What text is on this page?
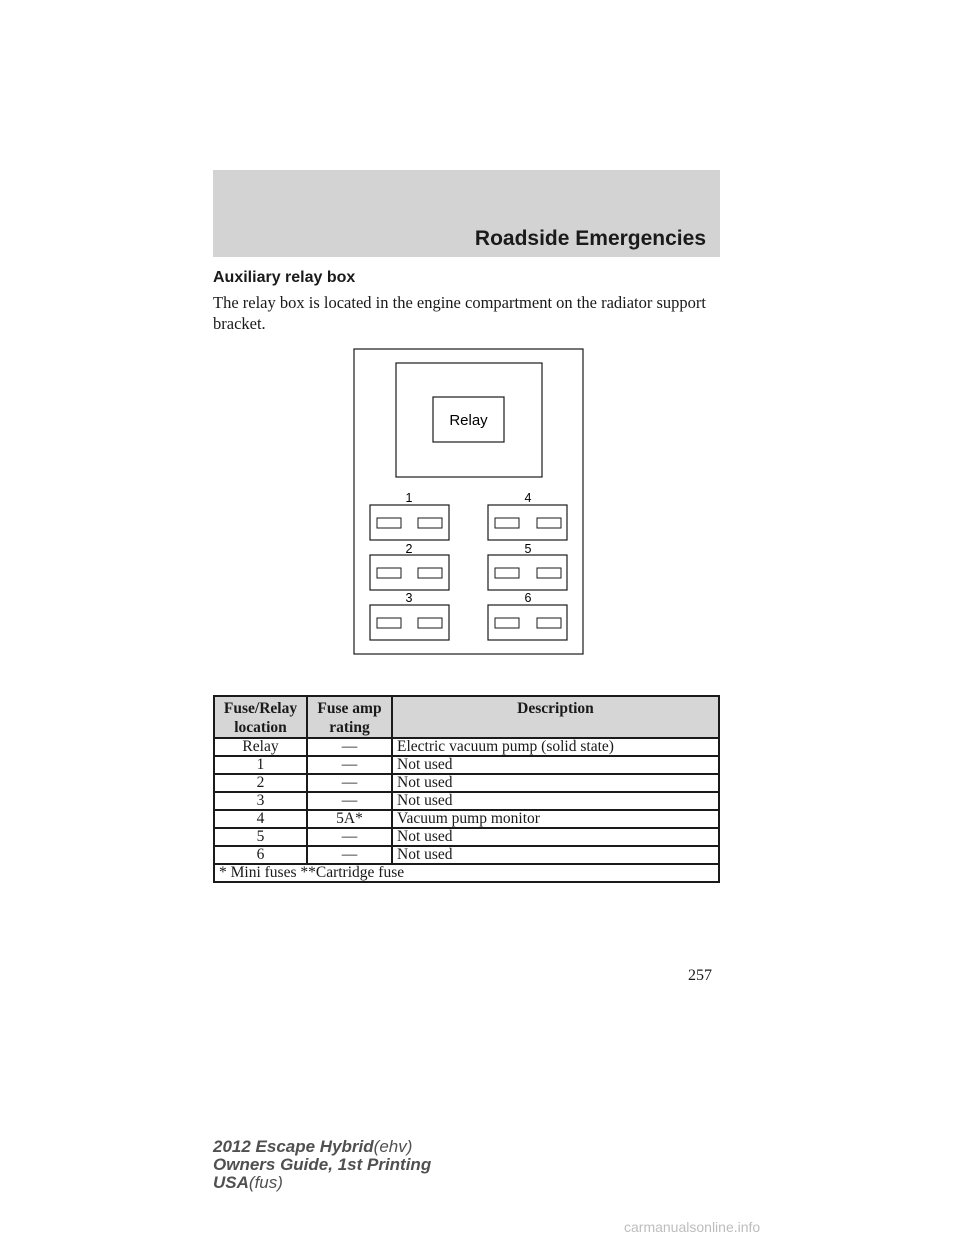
Roadside Emergencies
Auxiliary relay box
The relay box is located in the engine compartment on the radiator support bracket.
Relay
1
2
3
4
5
6
Fuse/Relay location	Fuse amp rating	Description
Relay	—	Electric vacuum pump (solid state)
1	—	Not used
2	—	Not used
3	—	Not used
4	5A*	Vacuum pump monitor
5	—	Not used
6	—	Not used
* Mini fuses **Cartridge fuse		
257
2012 Escape Hybrid(ehv)
Owners Guide, 1st Printing
USA(fus)
carmanualsonline.info
